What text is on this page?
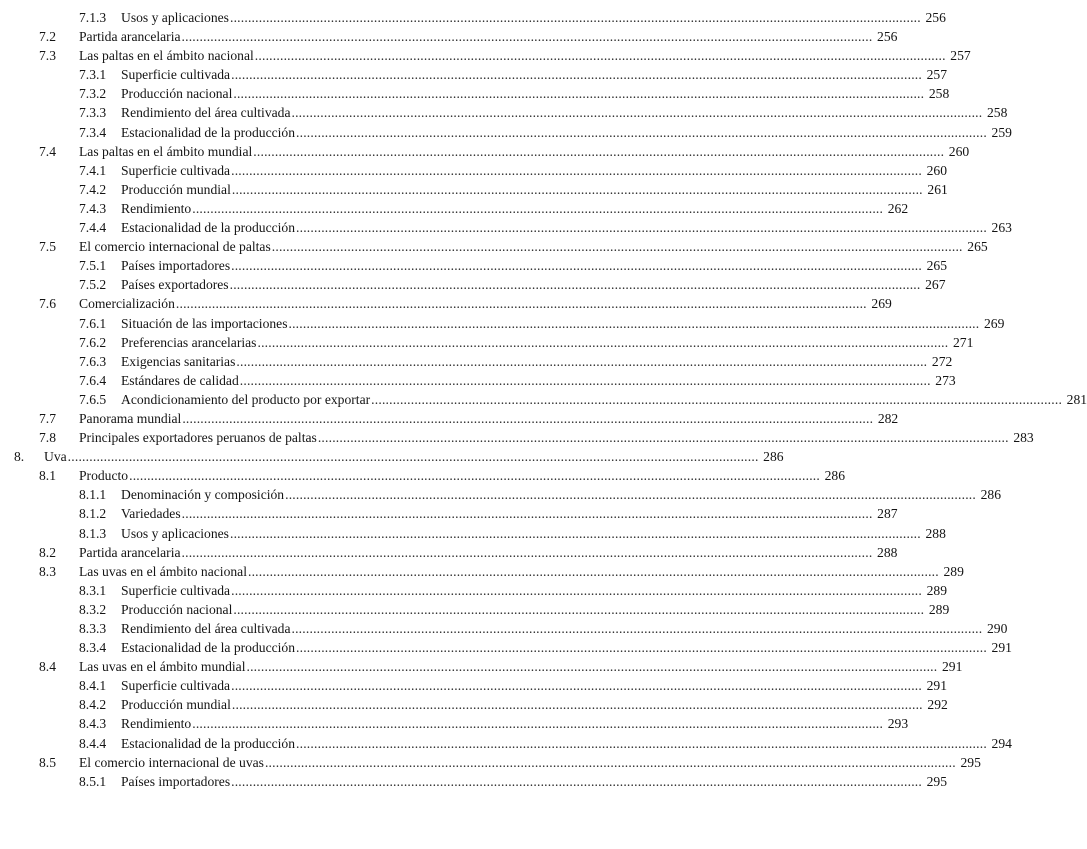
7.1.3	Usos y aplicaciones .....	256
7.2	Partida arancelaria .....	256
7.3	Las paltas en el ámbito nacional .....	257
7.3.1	Superficie cultivada .....	257
7.3.2	Producción nacional .....	258
7.3.3	Rendimiento del área cultivada .....	258
7.3.4	Estacionalidad de la producción .....	259
7.4	Las paltas en el ámbito mundial .....	260
7.4.1	Superficie cultivada .....	260
7.4.2	Producción mundial .....	261
7.4.3	Rendimiento .....	262
7.4.4	Estacionalidad de la producción .....	263
7.5	El comercio internacional de paltas .....	265
7.5.1	Países importadores .....	265
7.5.2	Países exportadores .....	267
7.6	Comercialización .....	269
7.6.1	Situación de las importaciones .....	269
7.6.2	Preferencias arancelarias .....	271
7.6.3	Exigencias sanitarias .....	272
7.6.4	Estándares de calidad .....	273
7.6.5	Acondicionamiento del producto por exportar .....	281
7.7	Panorama mundial .....	282
7.8	Principales exportadores peruanos de paltas .....	283
8.	Uva .....	286
8.1	Producto .....	286
8.1.1	Denominación y composición .....	286
8.1.2	Variedades .....	287
8.1.3	Usos y aplicaciones .....	288
8.2	Partida arancelaria .....	288
8.3	Las uvas en el ámbito nacional .....	289
8.3.1	Superficie cultivada .....	289
8.3.2	Producción nacional .....	289
8.3.3	Rendimiento del área cultivada .....	290
8.3.4	Estacionalidad de la producción .....	291
8.4	Las uvas en el ámbito mundial .....	291
8.4.1	Superficie cultivada .....	291
8.4.2	Producción mundial .....	292
8.4.3	Rendimiento .....	293
8.4.4	Estacionalidad de la producción .....	294
8.5	El comercio internacional de uvas .....	295
8.5.1	Países importadores .....	295
